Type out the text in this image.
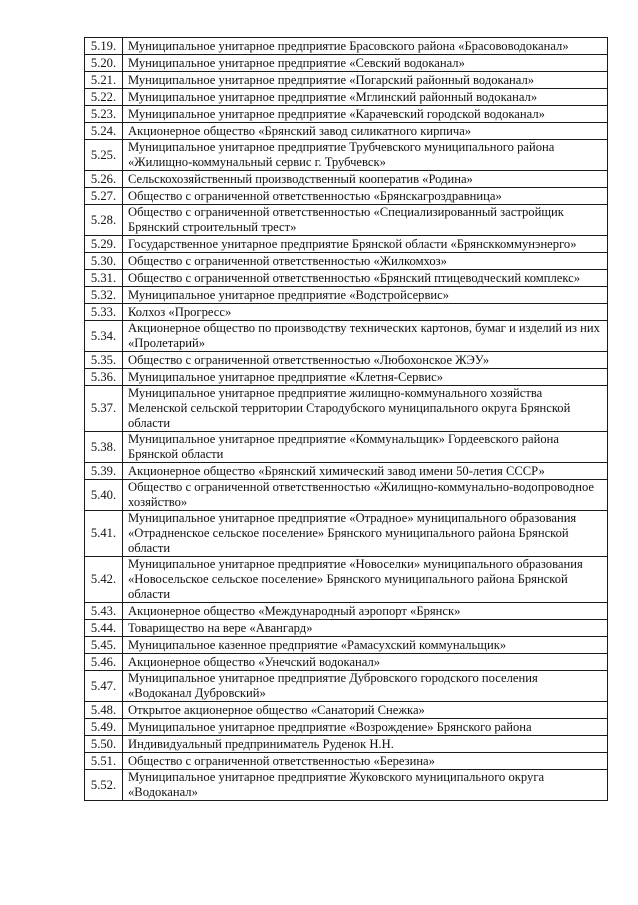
5.19.	Муниципальное унитарное предприятие Брасовского района «Брасововодоканал»
5.20.	Муниципальное унитарное предприятие «Севский водоканал»
5.21.	Муниципальное унитарное предприятие «Погарский районный водоканал»
5.22.	Муниципальное унитарное предприятие «Мглинский районный водоканал»
5.23.	Муниципальное унитарное предприятие «Карачевский городской водоканал»
5.24.	Акционерное общество «Брянский завод силикатного кирпича»
5.25.	Муниципальное унитарное предприятие Трубчевского муниципального района «Жилищно-коммунальный сервис г. Трубчевск»
5.26.	Сельскохозяйственный производственный кооператив «Родина»
5.27.	Общество с ограниченной ответственностью «Брянскагроздравница»
5.28.	Общество с ограниченной ответственностью «Специализированный застройщик Брянский строительный трест»
5.29.	Государственное унитарное предприятие Брянской области «Брянсккоммунэнерго»
5.30.	Общество с ограниченной ответственностью «Жилкомхоз»
5.31.	Общество с ограниченной ответственностью «Брянский птицеводческий комплекс»
5.32.	Муниципальное унитарное предприятие «Водстройсервис»
5.33.	Колхоз «Прогресс»
5.34.	Акционерное общество по производству технических картонов, бумаг и изделий из них «Пролетарий»
5.35.	Общество с ограниченной ответственностью «Любохонское ЖЭУ»
5.36.	Муниципальное унитарное предприятие «Клетня-Сервис»
5.37.	Муниципальное унитарное предприятие жилищно-коммунального хозяйства Меленской сельской территории Стародубского муниципального округа Брянской области
5.38.	Муниципальное унитарное предприятие «Коммунальщик» Гордеевского района Брянской области
5.39.	Акционерное общество «Брянский химический завод имени 50-летия СССР»
5.40.	Общество с ограниченной ответственностью «Жилищно-коммунально-водопроводное хозяйство»
5.41.	Муниципальное унитарное предприятие «Отрадное» муниципального образования «Отрадненское сельское поселение» Брянского муниципального района Брянской области
5.42.	Муниципальное унитарное предприятие «Новоселки» муниципального образования «Новосельское сельское поселение» Брянского муниципального района Брянской области
5.43.	Акционерное общество «Международный аэропорт «Брянск»
5.44.	Товарищество на вере «Авангард»
5.45.	Муниципальное казенное предприятие «Рамасухский коммунальщик»
5.46.	Акционерное общество «Унечский водоканал»
5.47.	Муниципальное унитарное предприятие Дубровского городского поселения «Водоканал Дубровский»
5.48.	Открытое акционерное общество «Санаторий Снежка»
5.49.	Муниципальное унитарное предприятие «Возрождение» Брянского района
5.50.	Индивидуальный предприниматель Руденок Н.Н.
5.51.	Общество с ограниченной ответственностью «Березина»
5.52.	Муниципальное унитарное предприятие Жуковского муниципального округа «Водоканал»
